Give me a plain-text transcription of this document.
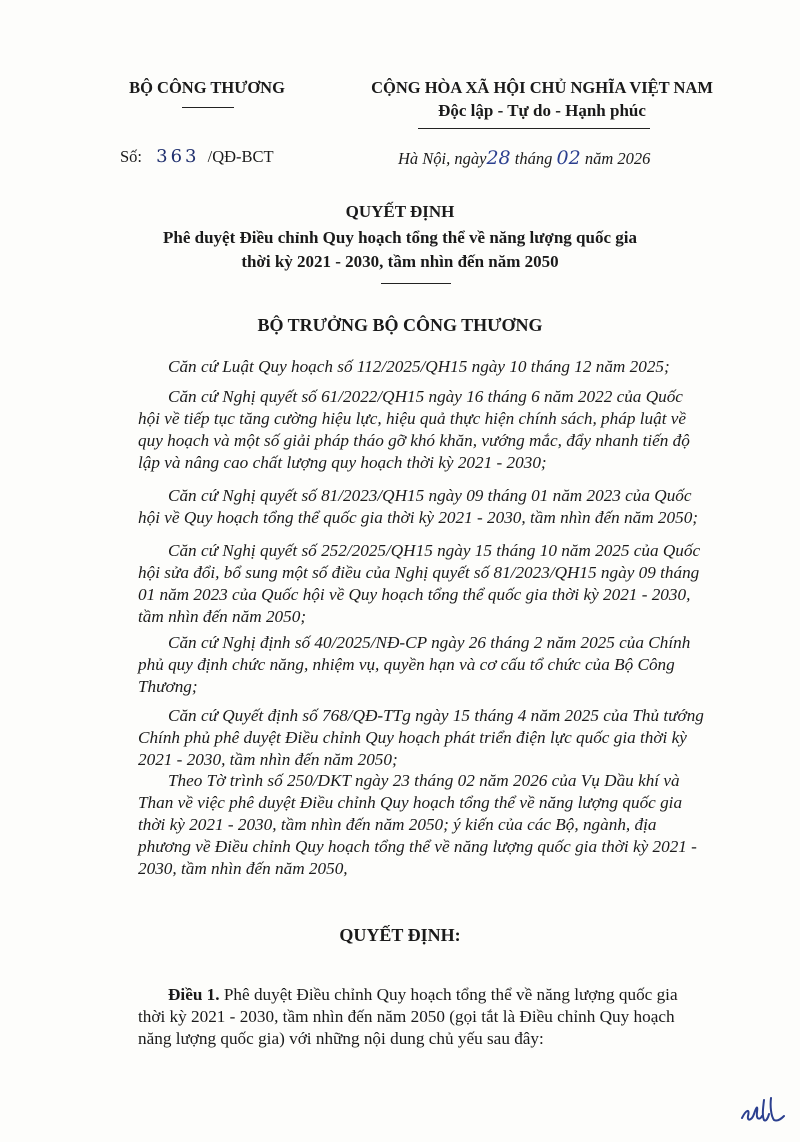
BỘ CÔNG THƯƠNG	CỘNG HÒA XÃ HỘI CHỦ NGHĨA VIỆT NAM
Độc lập - Tự do - Hạnh phúc
Số: 363 /QĐ-BCT	Hà Nội, ngày28 tháng 02 năm 2026
QUYẾT ĐỊNH
Phê duyệt Điều chỉnh Quy hoạch tổng thể về năng lượng quốc gia
thời kỳ 2021 - 2030, tầm nhìn đến năm 2050
BỘ TRƯỞNG BỘ CÔNG THƯƠNG
Căn cứ Luật Quy hoạch số 112/2025/QH15 ngày 10 tháng 12 năm 2025;
Căn cứ Nghị quyết số 61/2022/QH15 ngày 16 tháng 6 năm 2022 của Quốc
hội về tiếp tục tăng cường hiệu lực, hiệu quả thực hiện chính sách, pháp luật về
quy hoạch và một số giải pháp tháo gỡ khó khăn, vướng mắc, đẩy nhanh tiến độ
lập và nâng cao chất lượng quy hoạch thời kỳ 2021 - 2030;
Căn cứ Nghị quyết số 81/2023/QH15 ngày 09 tháng 01 năm 2023 của Quốc
hội về Quy hoạch tổng thể quốc gia thời kỳ 2021 - 2030, tầm nhìn đến năm 2050;
Căn cứ Nghị quyết số 252/2025/QH15 ngày 15 tháng 10 năm 2025 của Quốc
hội sửa đổi, bổ sung một số điều của Nghị quyết số 81/2023/QH15 ngày 09 tháng
01 năm 2023 của Quốc hội về Quy hoạch tổng thể quốc gia thời kỳ 2021 - 2030,
tầm nhìn đến năm 2050;
Căn cứ Nghị định số 40/2025/NĐ-CP ngày 26 tháng 2 năm 2025 của Chính
phủ quy định chức năng, nhiệm vụ, quyền hạn và cơ cấu tổ chức của Bộ Công
Thương;
Căn cứ Quyết định số 768/QĐ-TTg ngày 15 tháng 4 năm 2025 của Thủ tướng
Chính phủ phê duyệt Điều chỉnh Quy hoạch phát triển điện lực quốc gia thời kỳ
2021 - 2030, tầm nhìn đến năm 2050;
Theo Tờ trình số 250/DKT ngày 23 tháng 02 năm 2026 của Vụ Dầu khí và
Than về việc phê duyệt Điều chỉnh Quy hoạch tổng thể về năng lượng quốc gia
thời kỳ 2021 - 2030, tầm nhìn đến năm 2050; ý kiến của các Bộ, ngành, địa
phương về Điều chỉnh Quy hoạch tổng thể về năng lượng quốc gia thời kỳ 2021 -
2030, tầm nhìn đến năm 2050,
QUYẾT ĐỊNH:
Điều 1. Phê duyệt Điều chỉnh Quy hoạch tổng thể về năng lượng quốc gia
thời kỳ 2021 - 2030, tầm nhìn đến năm 2050 (gọi tắt là Điều chỉnh Quy hoạch
năng lượng quốc gia) với những nội dung chủ yếu sau đây:
